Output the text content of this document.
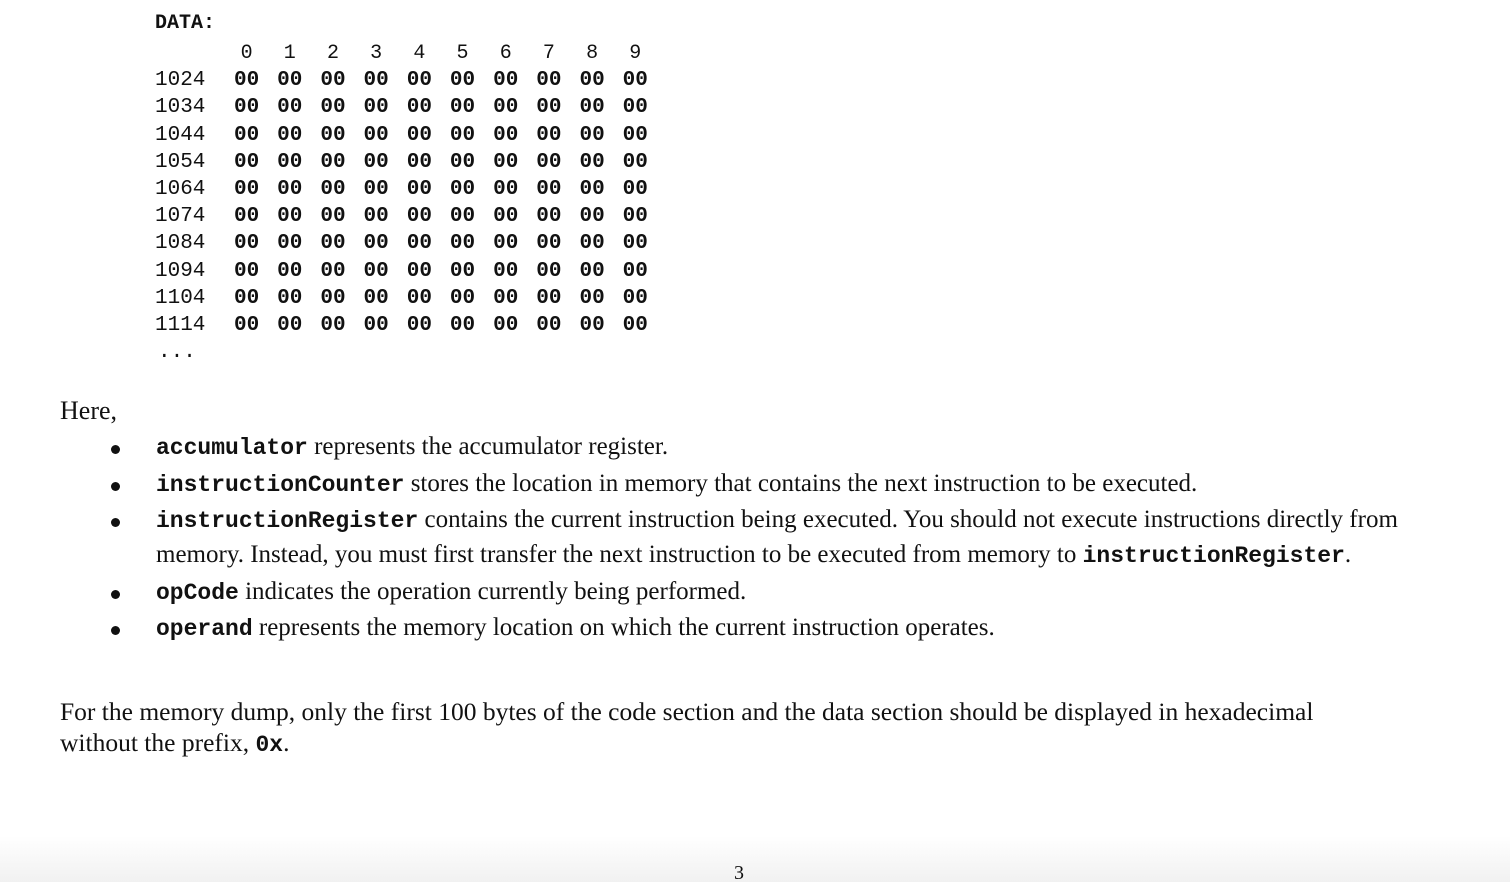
DATA:
0	1	2	3	4	5	6	7	8	9
1024	00 00 00 00 00 00 00 00 00 00
1034	00 00 00 00 00 00 00 00 00 00
1044	00 00 00 00 00 00 00 00 00 00
1054	00 00 00 00 00 00 00 00 00 00
1064	00 00 00 00 00 00 00 00 00 00
1074	00 00 00 00 00 00 00 00 00 00
1084	00 00 00 00 00 00 00 00 00 00
1094	00 00 00 00 00 00 00 00 00 00
1104	00 00 00 00 00 00 00 00 00 00
1114	00 00 00 00 00 00 00 00 00 00
...
Here,
accumulator represents the accumulator register.
instructionCounter stores the location in memory that contains the next instruction to be executed.
instructionRegister contains the current instruction being executed. You should not execute instructions directly from memory. Instead, you must first transfer the next instruction to be executed from memory to instructionRegister.
opCode indicates the operation currently being performed.
operand represents the memory location on which the current instruction operates.
For the memory dump, only the first 100 bytes of the code section and the data section should be displayed in hexadecimal without the prefix, 0x.
3
